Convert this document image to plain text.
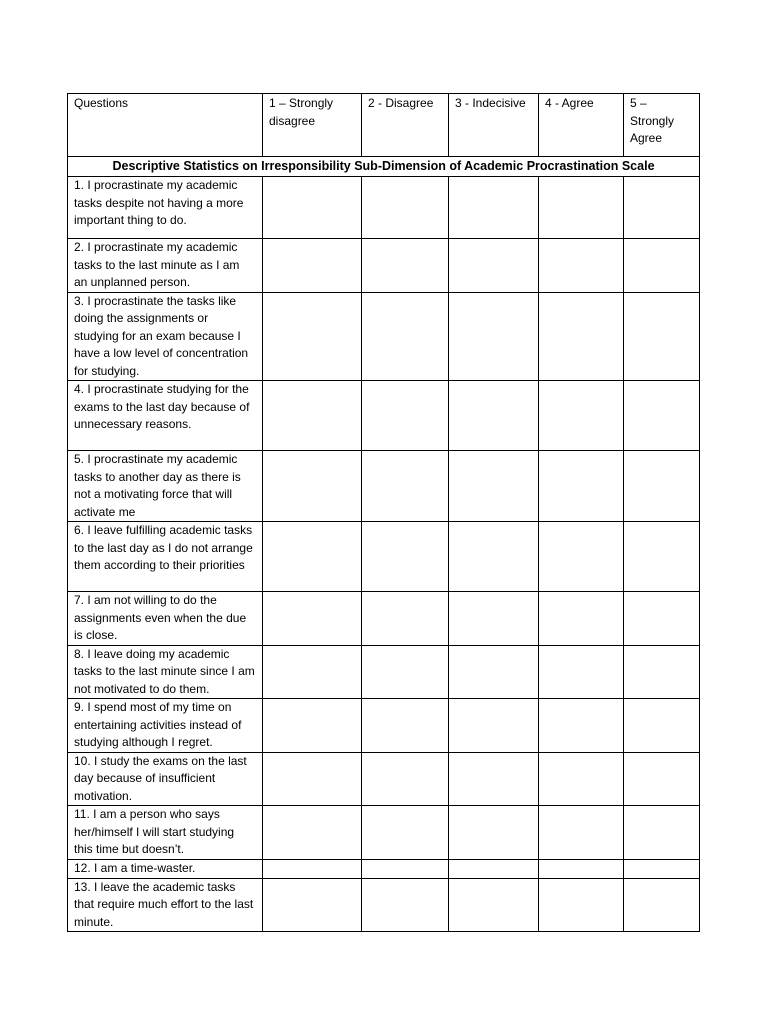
Questions	1 – Strongly disagree	2 - Disagree	3 - Indecisive	4 - Agree	5 – Strongly Agree
Descriptive Statistics on Irresponsibility Sub-Dimension of Academic Procrastination Scale					
1. I procrastinate my academic tasks despite not having a more important thing to do.					
2. I procrastinate my academic tasks to the last minute as I am an unplanned person.					
3. I procrastinate the tasks like doing the assignments or studying for an exam because I have a low level of concentration for studying.					
4. I procrastinate studying for the exams to the last day because of unnecessary reasons.					
5. I procrastinate my academic tasks to another day as there is not a motivating force that will activate me					
6. I leave fulfilling academic tasks to the last day as I do not arrange them according to their priorities					
7. I am not willing to do the assignments even when the due is close.					
8. I leave doing my academic tasks to the last minute since I am not motivated to do them.					
9. I spend most of my time on entertaining activities instead of studying although I regret.					
10. I study the exams on the last day because of insufficient motivation.					
11. I am a person who says her/himself I will start studying this time but doesn’t.					
12. I am a time-waster.					
13. I leave the academic tasks that require much effort to the last minute.					
